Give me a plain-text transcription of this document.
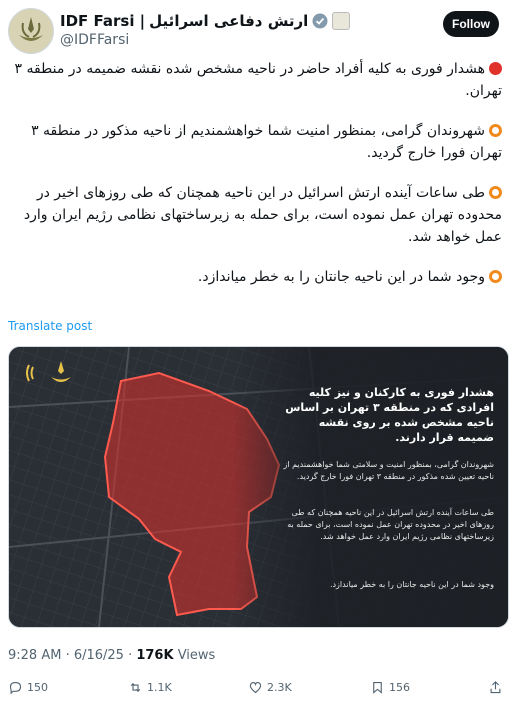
IDF Farsi | ارتش دفاعی اسرائیل
@IDFFarsi
Follow

هشدار فوری به کلیه أفراد حاضر در ناحیه مشخص شده نقشه ضمیمه در منطقه ۳ تهران.

شهروندان گرامی، بمنظور امنیت شما خواهشمندیم از ناحیه مذکور در منطقه ۳ تهران فورا خارج گردید.

طی ساعات آینده ارتش اسرائیل در این ناحیه همچنان که طی روزهای اخیر در محدوده تهران عمل نموده است، برای حمله به زیرساختهای نظامی رژیم ایران وارد عمل خواهد شد.

وجود شما در این ناحیه جانتان را به خطر میاندازد.

Translate post
هشدار فوری به کارکنان و نیز کلیه افرادی که در منطقه ۳ تهران بر اساس ناحیه مشخص شده بر روی نقشه ضمیمه قرار دارند.
شهروندان گرامی، بمنظور امنیت و سلامتی شما خواهشمندیم از ناحیه تعیین شده مذکور در منطقه ۳ تهران فورا خارج گردید.
طی ساعات آینده ارتش اسرائیل در این ناحیه همچنان که طی روزهای اخیر در محدوده تهران عمل نموده است، برای حمله به زیرساختهای نظامی رژیم ایران وارد عمل خواهد شد.
وجود شما در این ناحیه جانتان را به خطر میاندازد.
9:28 AM · 6/16/25 · 176K Views
150	1.1K	2.3K	156
